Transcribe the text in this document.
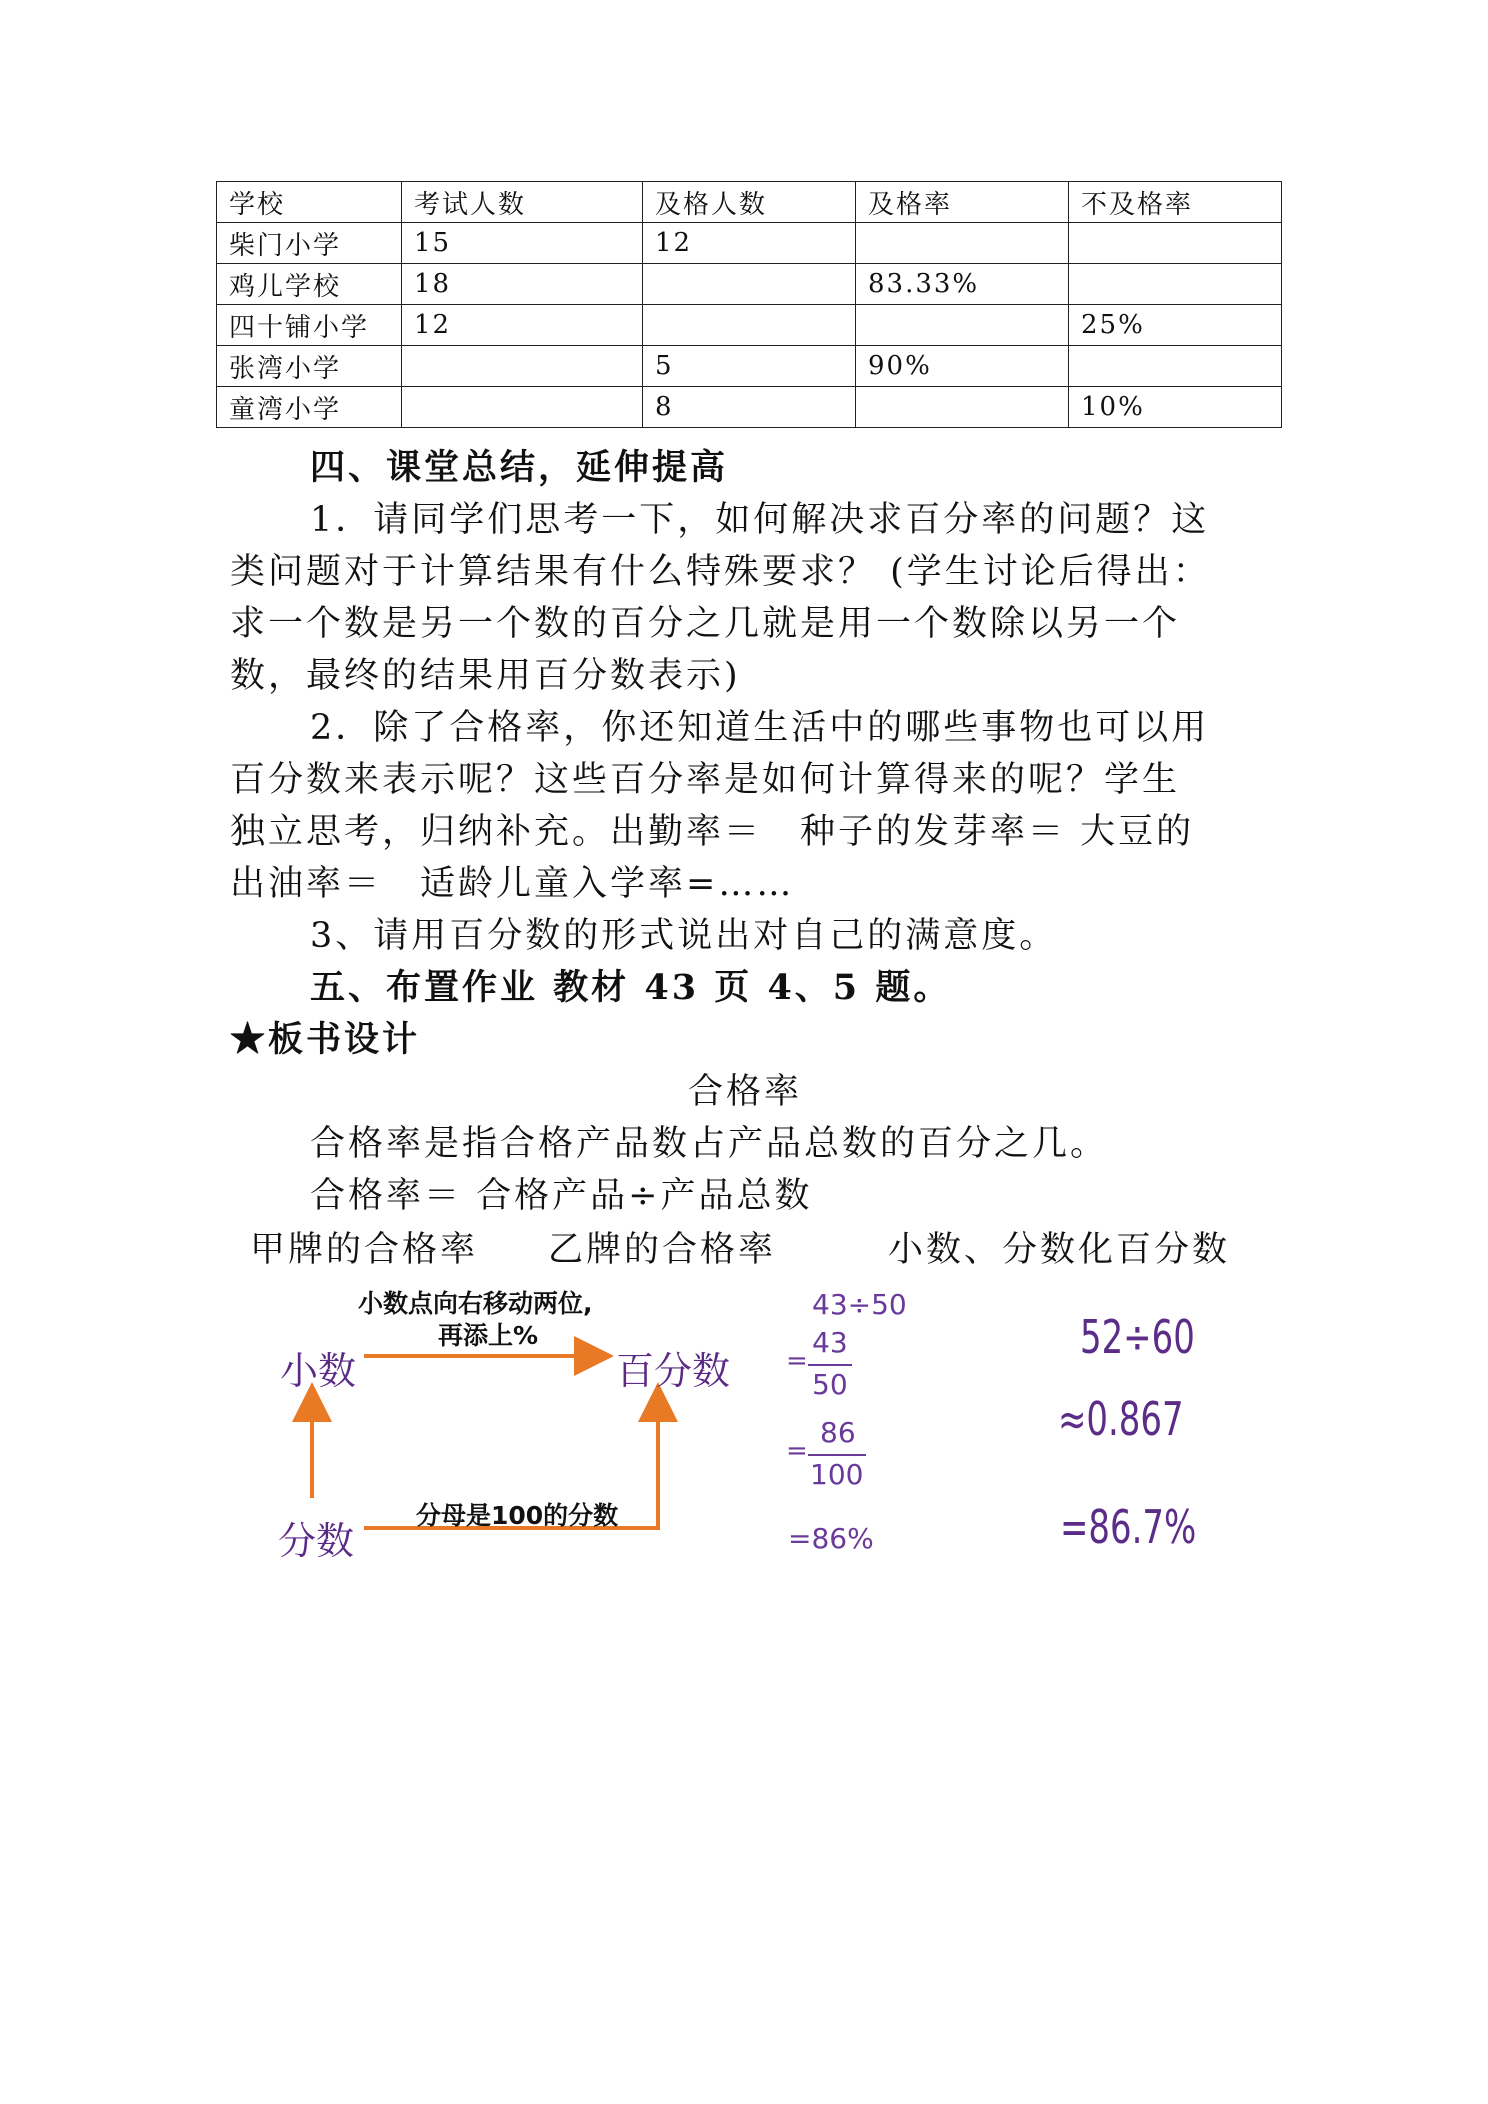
学校	考试人数	及格人数	及格率	不及格率
柴门小学	15	12		
鸡儿学校	18		83.33%	
四十铺小学	12			25%
张湾小学		5	90%	
童湾小学		8		10%
四、课堂总结，延伸提高
1．请同学们思考一下，如何解决求百分率的问题？这
类问题对于计算结果有什么特殊要求？ (学生讨论后得出：
求一个数是另一个数的百分之几就是用一个数除以另一个
数，最终的结果用百分数表示)
2．除了合格率，你还知道生活中的哪些事物也可以用
百分数来表示呢？这些百分率是如何计算得来的呢？学生
独立思考，归纳补充。出勤率＝　种子的发芽率＝ 大豆的
出油率＝　适龄儿童入学率=……
3、请用百分数的形式说出对自己的满意度。
五、布置作业 教材 43 页 4、5 题。
★板书设计
合格率
合格率是指合格产品数占产品总数的百分之几。
合格率＝ 合格产品÷产品总数
甲牌的合格率 乙牌的合格率	小数、分数化百分数
小数	百分数
分数
小数点向右移动两位,
再添上%
分母是100的分数
43÷50
=
43
50
=
86
100
=86%
52÷60
≈0.867
=86.7%
